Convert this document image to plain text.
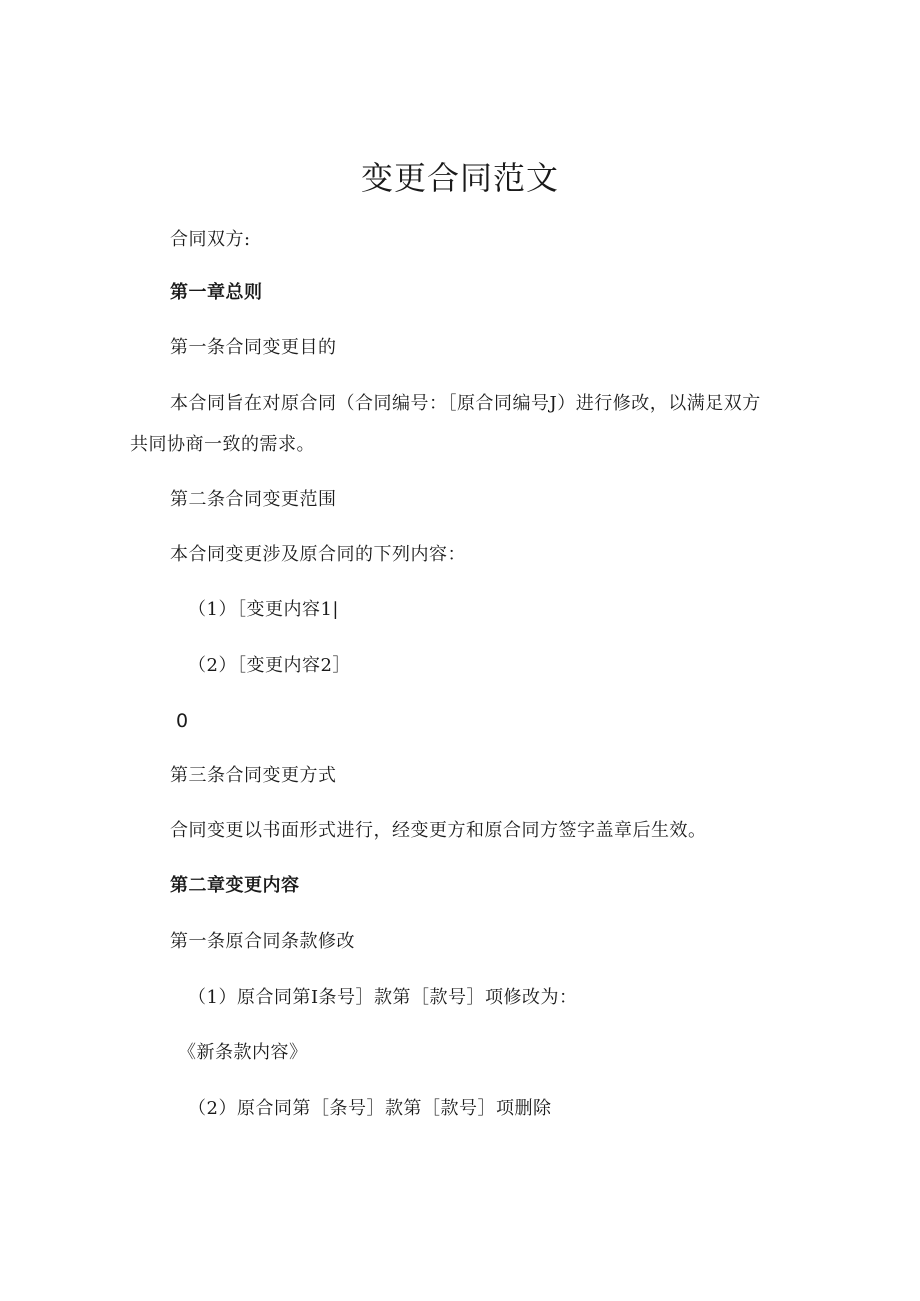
变更合同范文
合同双方:
第一章总则
第一条合同变更目的
本合同旨在对原合同（合同编号：［原合同编号J）进行修改，以满足双方
共同协商一致的需求。
第二条合同变更范围
本合同变更涉及原合同的下列内容：
（1）［变更内容1|
（2）［变更内容2］
0
第三条合同变更方式
合同变更以书面形式进行，经变更方和原合同方签字盖章后生效。
第二章变更内容
第一条原合同条款修改
（1）原合同第I条号］款第［款号］项修改为：
《新条款内容》
（2）原合同第［条号］款第［款号］项删除
